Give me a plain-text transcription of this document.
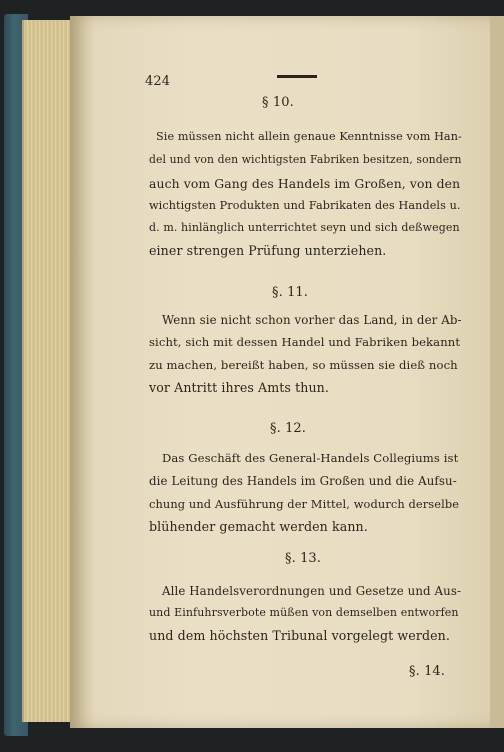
424
§ 10.
Sie müssen nicht allein genaue Kenntnisse vom Han-
del und von den wichtigsten Fabriken besitzen, sondern
auch vom Gang des Handels im Großen, von den
wichtigsten Produkten und Fabrikaten des Handels u.
d. m. hinlänglich unterrichtet seyn und sich deßwegen
einer strengen Prüfung unterziehen.
§. 11.
Wenn sie nicht schon vorher das Land, in der Ab-
sicht, sich mit dessen Handel und Fabriken bekannt
zu machen, bereißt haben, so müssen sie dieß noch
vor Antritt ihres Amts thun.
§. 12.
Das Geschäft des General-Handels Collegiums ist
die Leitung des Handels im Großen und die Aufsu-
chung und Ausführung der Mittel, wodurch derselbe
blühender gemacht werden kann.
§. 13.
Alle Handelsverordnungen und Gesetze und Aus-
und Einfuhrsverbote müßen von demselben entworfen
und dem höchsten Tribunal vorgelegt werden.
§. 14.
